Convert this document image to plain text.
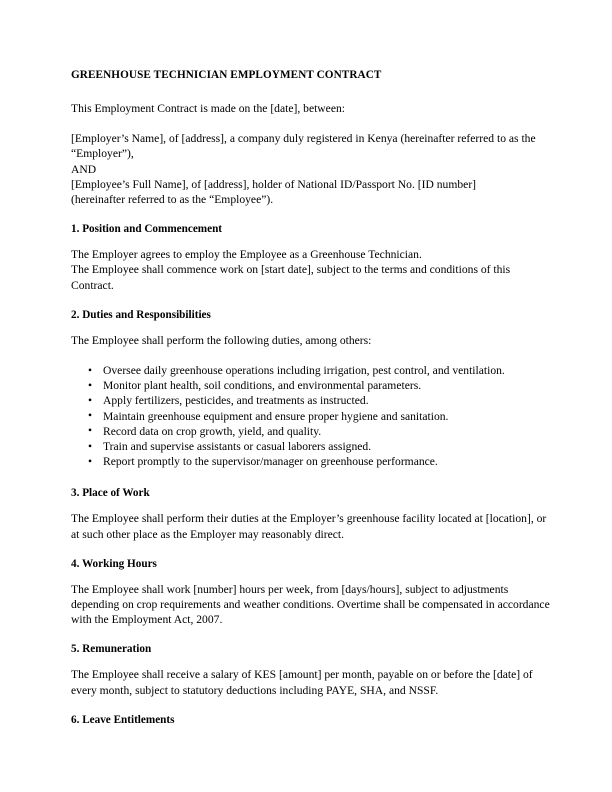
GREENHOUSE TECHNICIAN EMPLOYMENT CONTRACT

This Employment Contract is made on the [date], between:

[Employer’s Name], of [address], a company duly registered in Kenya (hereinafter referred to as the “Employer”),
AND
[Employee’s Full Name], of [address], holder of National ID/Passport No. [ID number]
(hereinafter referred to as the “Employee”).
1. Position and Commencement
The Employer agrees to employ the Employee as a Greenhouse Technician.
The Employee shall commence work on [start date], subject to the terms and conditions of this Contract.
2. Duties and Responsibilities

The Employee shall perform the following duties, among others:

• Oversee daily greenhouse operations including irrigation, pest control, and ventilation.
• Monitor plant health, soil conditions, and environmental parameters.
• Apply fertilizers, pesticides, and treatments as instructed.
• Maintain greenhouse equipment and ensure proper hygiene and sanitation.
• Record data on crop growth, yield, and quality.
• Train and supervise assistants or casual laborers assigned.
• Report promptly to the supervisor/manager on greenhouse performance.
3. Place of Work

The Employee shall perform their duties at the Employer’s greenhouse facility located at [location], or at such other place as the Employer may reasonably direct.

4. Working Hours

The Employee shall work [number] hours per week, from [days/hours], subject to adjustments depending on crop requirements and weather conditions. Overtime shall be compensated in accordance with the Employment Act, 2007.

5. Remuneration

The Employee shall receive a salary of KES [amount] per month, payable on or before the [date] of every month, subject to statutory deductions including PAYE, SHA, and NSSF.

6. Leave Entitlements
